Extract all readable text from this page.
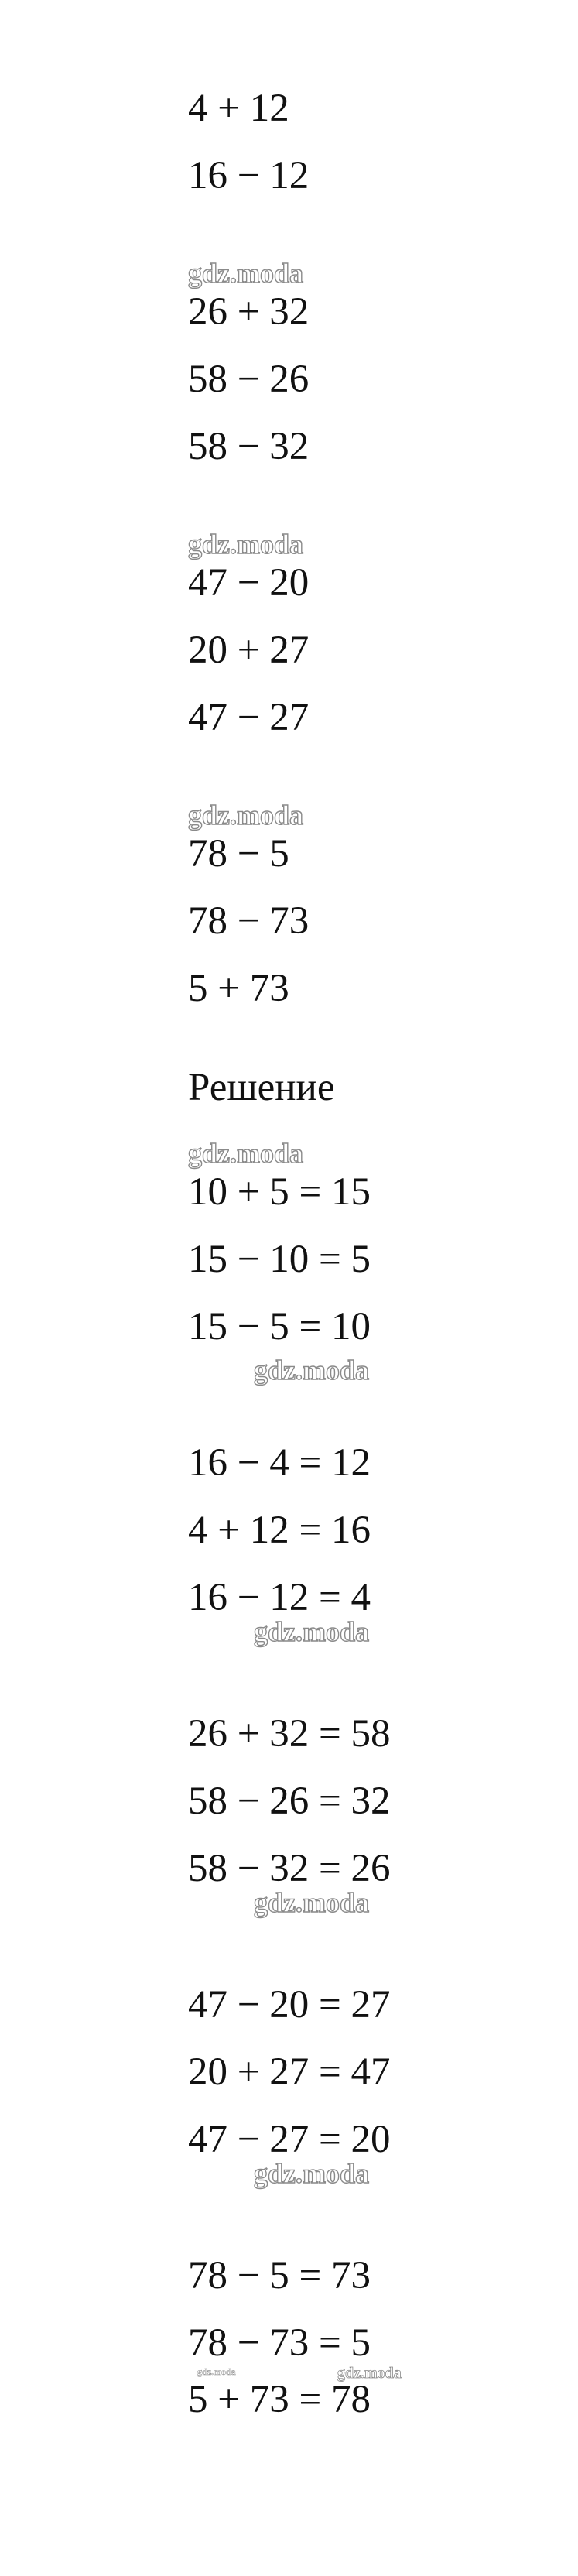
4 + 12
16 − 12
gdz.moda
26 + 32
58 − 26
58 − 32
gdz.moda
47 − 20
20 + 27
47 − 27
gdz.moda
78 − 5
78 − 73
5 + 73
Решение
gdz.moda
10 + 5 = 15
15 − 10 = 5
15 − 5 = 10
gdz.moda
16 − 4 = 12
4 + 12 = 16
16 − 12 = 4
gdz.moda
26 + 32 = 58
58 − 26 = 32
58 − 32 = 26
gdz.moda
47 − 20 = 27
20 + 27 = 47
47 − 27 = 20
gdz.moda
78 − 5 = 73
78 − 73 = 5
gdz.moda	gdz.moda
5 + 73 = 78
